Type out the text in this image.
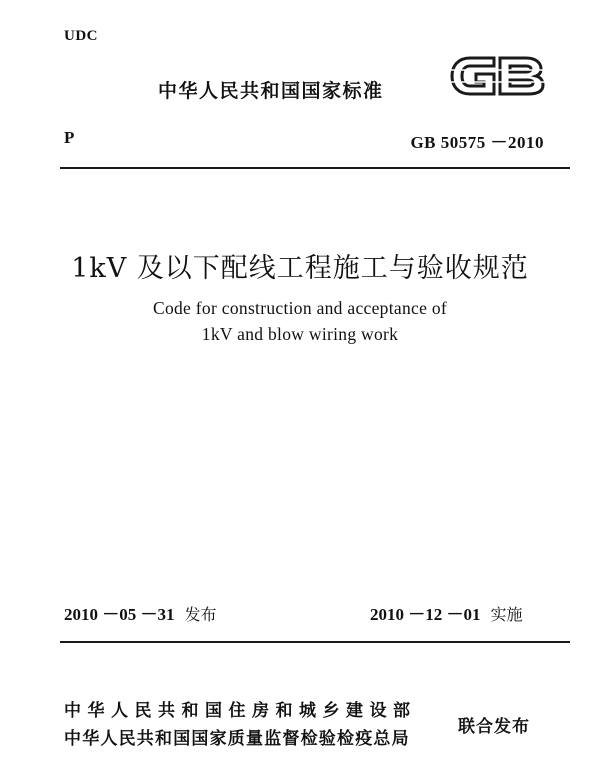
UDC
中华人民共和国国家标准
P	GB 50575 －2010
1kV 及以下配线工程施工与验收规范
Code for construction and acceptance of
1kV and blow wiring work
2010 －05 －31 发布	2010 －12 －01 实施
中华人民共和国住房和城乡建设部
中华人民共和国国家质量监督检验检疫总局
联合发布
